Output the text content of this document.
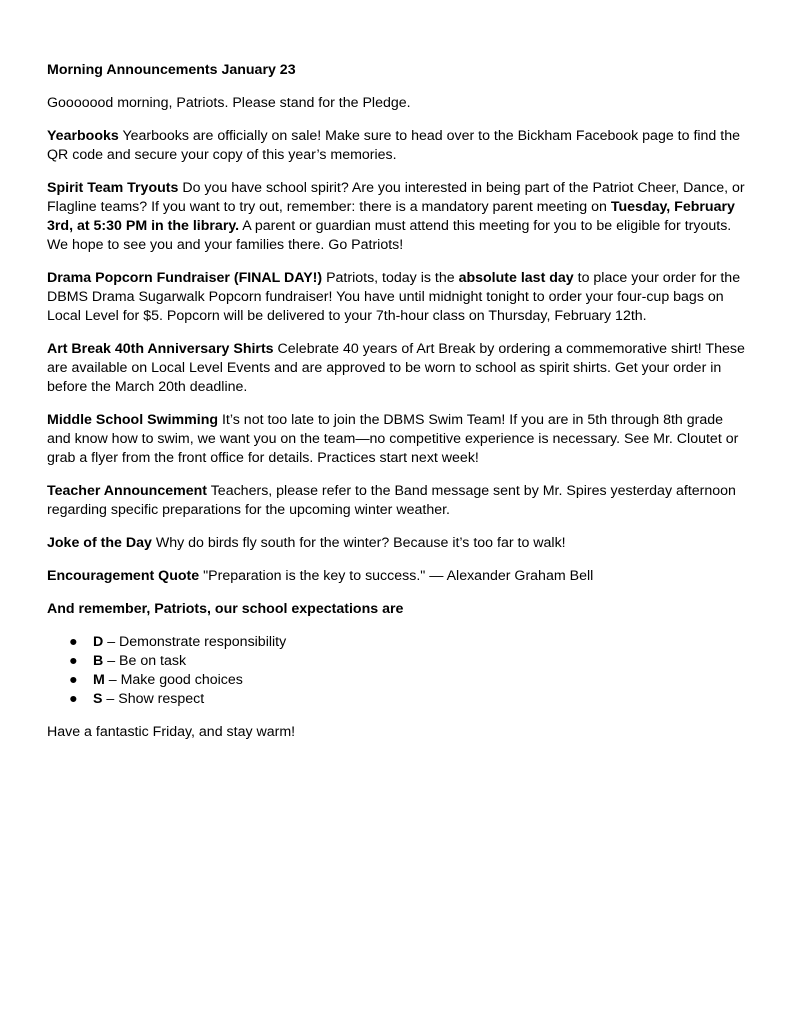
Morning Announcements January 23

Gooooood morning, Patriots. Please stand for the Pledge.

Yearbooks Yearbooks are officially on sale! Make sure to head over to the Bickham Facebook page to find the QR code and secure your copy of this year’s memories.

Spirit Team Tryouts Do you have school spirit? Are you interested in being part of the Patriot Cheer, Dance, or Flagline teams? If you want to try out, remember: there is a mandatory parent meeting on Tuesday, February 3rd, at 5:30 PM in the library. A parent or guardian must attend this meeting for you to be eligible for tryouts. We hope to see you and your families there. Go Patriots!

Drama Popcorn Fundraiser (FINAL DAY!) Patriots, today is the absolute last day to place your order for the DBMS Drama Sugarwalk Popcorn fundraiser! You have until midnight tonight to order your four-cup bags on Local Level for $5. Popcorn will be delivered to your 7th-hour class on Thursday, February 12th.

Art Break 40th Anniversary Shirts Celebrate 40 years of Art Break by ordering a commemorative shirt! These are available on Local Level Events and are approved to be worn to school as spirit shirts. Get your order in before the March 20th deadline.

Middle School Swimming It’s not too late to join the DBMS Swim Team! If you are in 5th through 8th grade and know how to swim, we want you on the team—no competitive experience is necessary. See Mr. Cloutet or grab a flyer from the front office for details. Practices start next week!

Teacher Announcement Teachers, please refer to the Band message sent by Mr. Spires yesterday afternoon regarding specific preparations for the upcoming winter weather.

Joke of the Day Why do birds fly south for the winter? Because it’s too far to walk!

Encouragement Quote "Preparation is the key to success." — Alexander Graham Bell

And remember, Patriots, our school expectations are

● D – Demonstrate responsibility
● B – Be on task
● M – Make good choices
● S – Show respect

Have a fantastic Friday, and stay warm!
